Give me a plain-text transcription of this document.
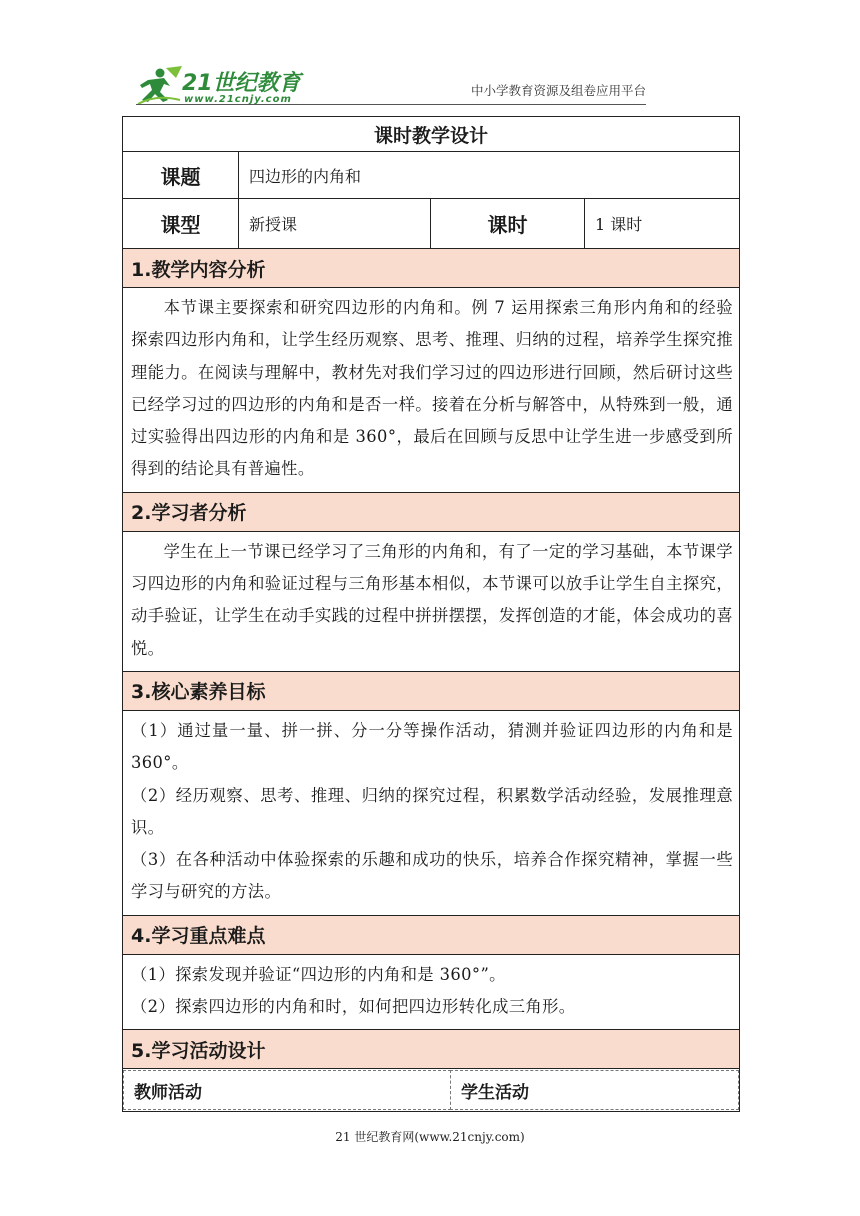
21世纪教育
www.21cnjy.com
中小学教育资源及组卷应用平台
课时教学设计			
课题	四边形的内角和		
课型	新授课	课时	1 课时
1.教学内容分析			
本节课主要探索和研究四边形的内角和。例 7 运用探索三角形内角和的经验探索四边形内角和，让学生经历观察、思考、推理、归纳的过程，培养学生探究推理能力。在阅读与理解中，教材先对我们学习过的四边形进行回顾，然后研讨这些已经学习过的四边形的内角和是否一样。接着在分析与解答中，从特殊到一般，通过实验得出四边形的内角和是 360°，最后在回顾与反思中让学生进一步感受到所得到的结论具有普遍性。			
2.学习者分析			
学生在上一节课已经学习了三角形的内角和，有了一定的学习基础，本节课学习四边形的内角和验证过程与三角形基本相似，本节课可以放手让学生自主探究，动手验证，让学生在动手实践的过程中拼拼摆摆，发挥创造的才能，体会成功的喜悦。			
3.核心素养目标			

（1）通过量一量、拼一拼、分一分等操作活动，猜测并验证四边形的内角和是 360°。

（2）经历观察、思考、推理、归纳的探究过程，积累数学活动经验，发展推理意识。

（3）在各种活动中体验探索的乐趣和成功的快乐，培养合作探究精神，掌握一些学习与研究的方法。			

4.学习重点难点			

（1）探索发现并验证“四边形的内角和是 360°”。

（2）探索四边形的内角和时，如何把四边形转化成三角形。			

5.学习活动设计			

教师活动 学生活动			
21 世纪教育网(www.21cnjy.com)
